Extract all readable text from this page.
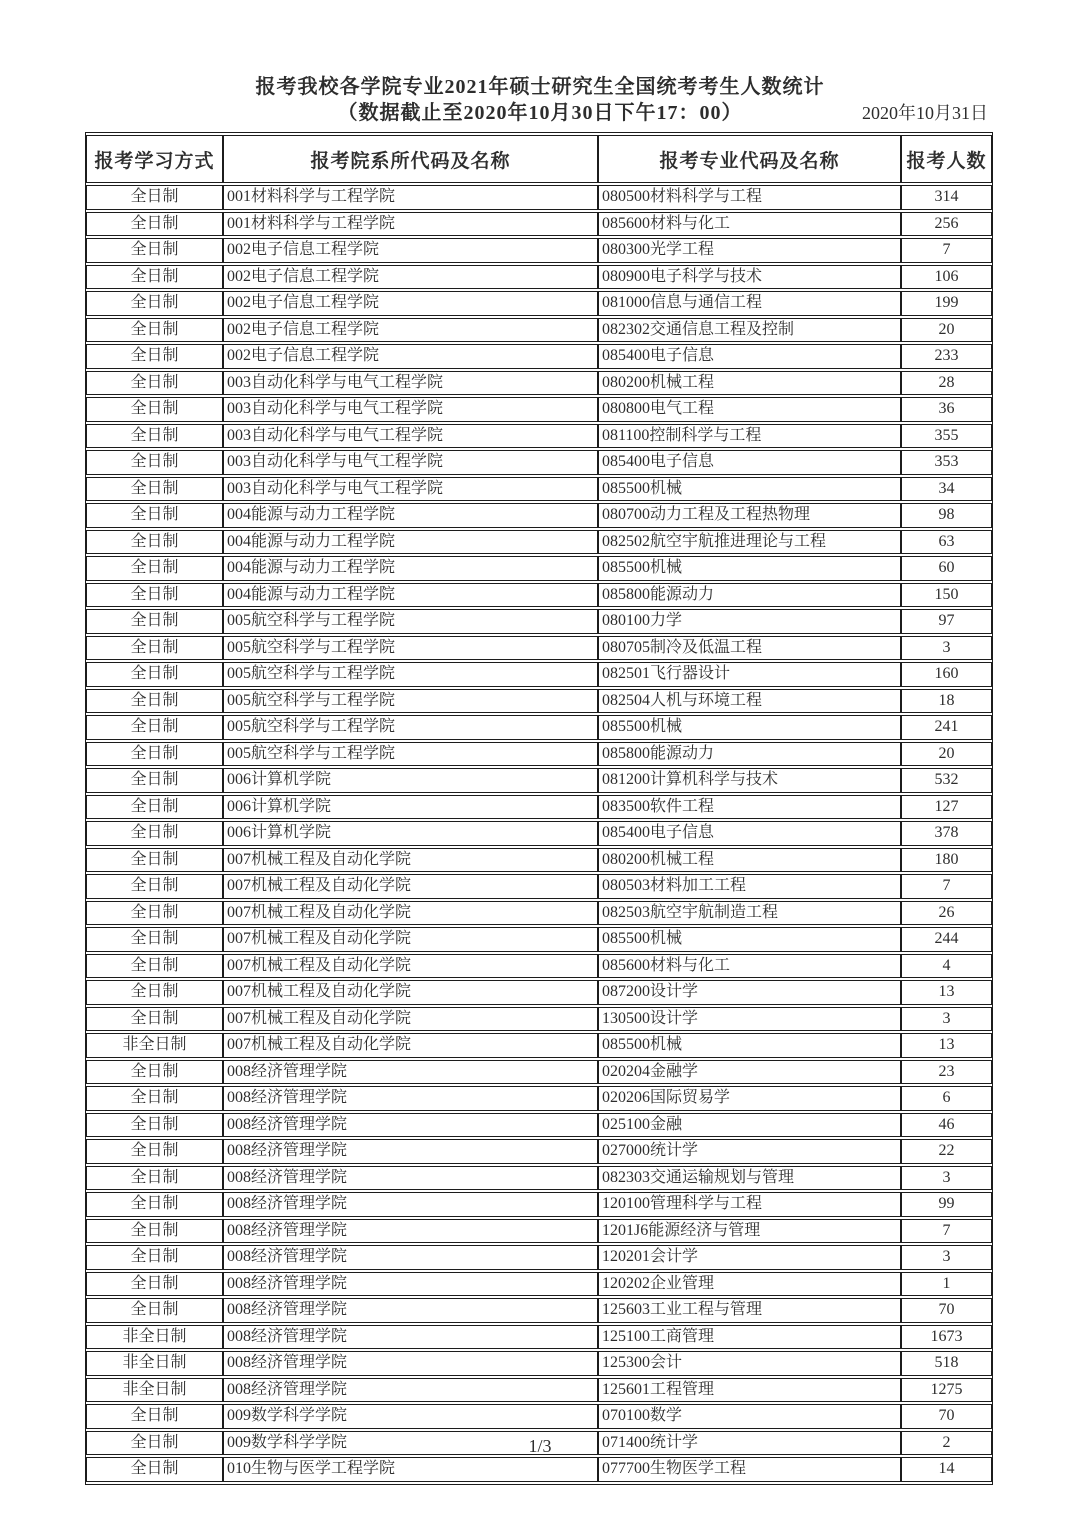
报考我校各学院专业2021年硕士研究生全国统考考生人数统计
（数据截止至2020年10月30日下午17：00）	2020年10月31日
报考学习方式	报考院系所代码及名称	报考专业代码及名称	报考人数
全日制	001材料科学与工程学院	080500材料科学与工程	314
全日制	001材料科学与工程学院	085600材料与化工	256
全日制	002电子信息工程学院	080300光学工程	7
全日制	002电子信息工程学院	080900电子科学与技术	106
全日制	002电子信息工程学院	081000信息与通信工程	199
全日制	002电子信息工程学院	082302交通信息工程及控制	20
全日制	002电子信息工程学院	085400电子信息	233
全日制	003自动化科学与电气工程学院	080200机械工程	28
全日制	003自动化科学与电气工程学院	080800电气工程	36
全日制	003自动化科学与电气工程学院	081100控制科学与工程	355
全日制	003自动化科学与电气工程学院	085400电子信息	353
全日制	003自动化科学与电气工程学院	085500机械	34
全日制	004能源与动力工程学院	080700动力工程及工程热物理	98
全日制	004能源与动力工程学院	082502航空宇航推进理论与工程	63
全日制	004能源与动力工程学院	085500机械	60
全日制	004能源与动力工程学院	085800能源动力	150
全日制	005航空科学与工程学院	080100力学	97
全日制	005航空科学与工程学院	080705制冷及低温工程	3
全日制	005航空科学与工程学院	082501飞行器设计	160
全日制	005航空科学与工程学院	082504人机与环境工程	18
全日制	005航空科学与工程学院	085500机械	241
全日制	005航空科学与工程学院	085800能源动力	20
全日制	006计算机学院	081200计算机科学与技术	532
全日制	006计算机学院	083500软件工程	127
全日制	006计算机学院	085400电子信息	378
全日制	007机械工程及自动化学院	080200机械工程	180
全日制	007机械工程及自动化学院	080503材料加工工程	7
全日制	007机械工程及自动化学院	082503航空宇航制造工程	26
全日制	007机械工程及自动化学院	085500机械	244
全日制	007机械工程及自动化学院	085600材料与化工	4
全日制	007机械工程及自动化学院	087200设计学	13
全日制	007机械工程及自动化学院	130500设计学	3
非全日制	007机械工程及自动化学院	085500机械	13
全日制	008经济管理学院	020204金融学	23
全日制	008经济管理学院	020206国际贸易学	6
全日制	008经济管理学院	025100金融	46
全日制	008经济管理学院	027000统计学	22
全日制	008经济管理学院	082303交通运输规划与管理	3
全日制	008经济管理学院	120100管理科学与工程	99
全日制	008经济管理学院	1201J6能源经济与管理	7
全日制	008经济管理学院	120201会计学	3
全日制	008经济管理学院	120202企业管理	1
全日制	008经济管理学院	125603工业工程与管理	70
非全日制	008经济管理学院	125100工商管理	1673
非全日制	008经济管理学院	125300会计	518
非全日制	008经济管理学院	125601工程管理	1275
全日制	009数学科学学院	070100数学	70
全日制	009数学科学学院	071400统计学	2
全日制	010生物与医学工程学院	077700生物医学工程	14
1/3
